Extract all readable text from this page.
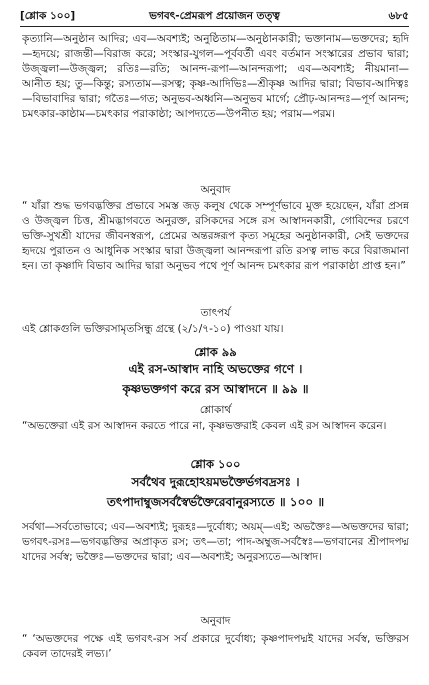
[শ্লোক ১০০]	ভগবৎ-প্রেমরূপ প্রয়োজন তত্ত্ব	৬৮৫
কৃত্যানি—অনুষ্ঠান আদির; এব—অবশ্যই; অনুষ্ঠিতাম—অনুষ্ঠানকারী; ভক্তানাম—ভক্তদের; হৃদি—হৃদয়ে; রাজন্তী—বিরাজ করে; সংস্কার-যুগল—পূর্ববর্তী এবং বর্তমান সংস্কারের প্রভাব দ্বারা; উজ্জ্বলা—উজ্জ্বল; রতিঃ—রতি; আনন্দ-রূপা—আনন্দরূপা; এব—অবশ্যই; নীয়মানা—আনীত হয়; তু—কিন্তু; রস্যতাম—রসত্ব; কৃষ্ণ-আদিভিঃ—শ্রীকৃষ্ণ আদির দ্বারা; বিভাব-আদিত্বঃ—বিভাবাদির দ্বারা; গতৈঃ—গত; অনুভব-অধ্বনি—অনুভব মার্গে; প্রৌঢ়-আনন্দঃ—পূর্ণ আনন্দ; চমৎকার-কাষ্ঠাম—চমৎকার পরাকাষ্ঠা; আপদ্যতে—উপনীত হয়; পরাম—পরম।
অনুবাদ
“ যাঁরা শুদ্ধ ভগবদ্ভক্তির প্রভাবে সমস্ত জড় কলুষ থেকে সম্পূর্ণভাবে মুক্ত হয়েছেন, যাঁরা প্রসন্ন ও উজ্জ্বল চিত্ত, শ্রীমদ্ভাগবতে অনুরক্ত, রসিকদের সঙ্গে রস আস্বাদনকারী, গোবিন্দের চরণে ভক্তি-সুখশ্রী যাদের জীবনস্বরূপ, প্রেমের অন্তরঙ্গরূপ কৃত্য সমূহের অনুষ্ঠানকারী, সেই ভক্তদের হৃদয়ে পুরাতন ও আধুনিক সংস্কার দ্বারা উজ্জ্বলা আনন্দরূপা রতি রসত্ব লাভ করে বিরাজমানা হন। তা কৃষ্ণাদি বিভাব আদির দ্বারা অনুভব পথে পূর্ণ আনন্দ চমৎকার রূপ পরাকাষ্ঠা প্রাপ্ত হন।”
তাৎপর্য
এই শ্লোকগুলি ভক্তিরসামৃতসিন্ধু গ্রন্থে (২/১/৭-১০) পাওয়া যায়।
শ্লোক ৯৯
এই রস-আস্বাদ নাহি অভক্তের গণে ।
কৃষ্ণভক্তগণ করে রস আস্বাদনে ॥ ৯৯ ॥
শ্লোকার্থ
“অভক্তেরা এই রস আস্বাদন করতে পারে না, কৃষ্ণভক্তরাই কেবল এই রস আস্বাদন করেন।
শ্লোক ১০০
সর্বথৈব দুরূহোঽয়মভক্তৈর্ভগবদ্রসঃ ।
তৎপাদাম্বুজসর্বস্বৈর্ভক্তৈরেবানুরস্যতে ॥ ১০০ ॥
সর্বথা—সর্বতোভাবে; এব—অবশ্যই; দুরূহঃ—দুর্বোধ্য; অয়ম্—এই; অভক্তৈঃ—অভক্তদের দ্বারা; ভগবৎ-রসঃ—ভগবদ্ভক্তির অপ্রাকৃত রস; তৎ—তা; পাদ-অম্বুজ-সর্বস্বৈঃ—ভগবানের শ্রীপাদপদ্ম যাদের সর্বস্ব; ভক্তৈঃ—ভক্তদের দ্বারা; এব—অবশ্যই; অনুরস্যতে—আস্বাদ।
অনুবাদ
“ ‘অভক্তদের পক্ষে এই ভগবৎ-রস সর্ব প্রকারে দুর্বোধ্য; কৃষ্ণপাদপদ্মই যাদের সর্বস্ব, ভক্তিরস কেবল তাদেরই লভ্য।’
